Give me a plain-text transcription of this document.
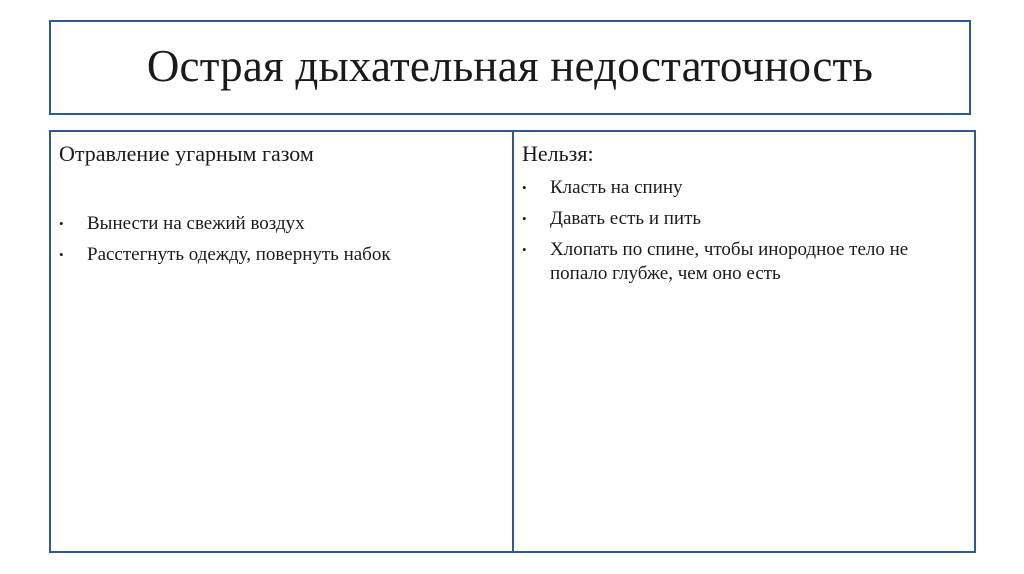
Острая дыхательная недостаточность
Отравление угарным газом
• Вынести на свежий воздух
• Расстегнуть одежду, повернуть набок
Нельзя:
• Класть на спину
• Давать есть и пить
• Хлопать по спине, чтобы инородное тело не попало глубже, чем оно есть
